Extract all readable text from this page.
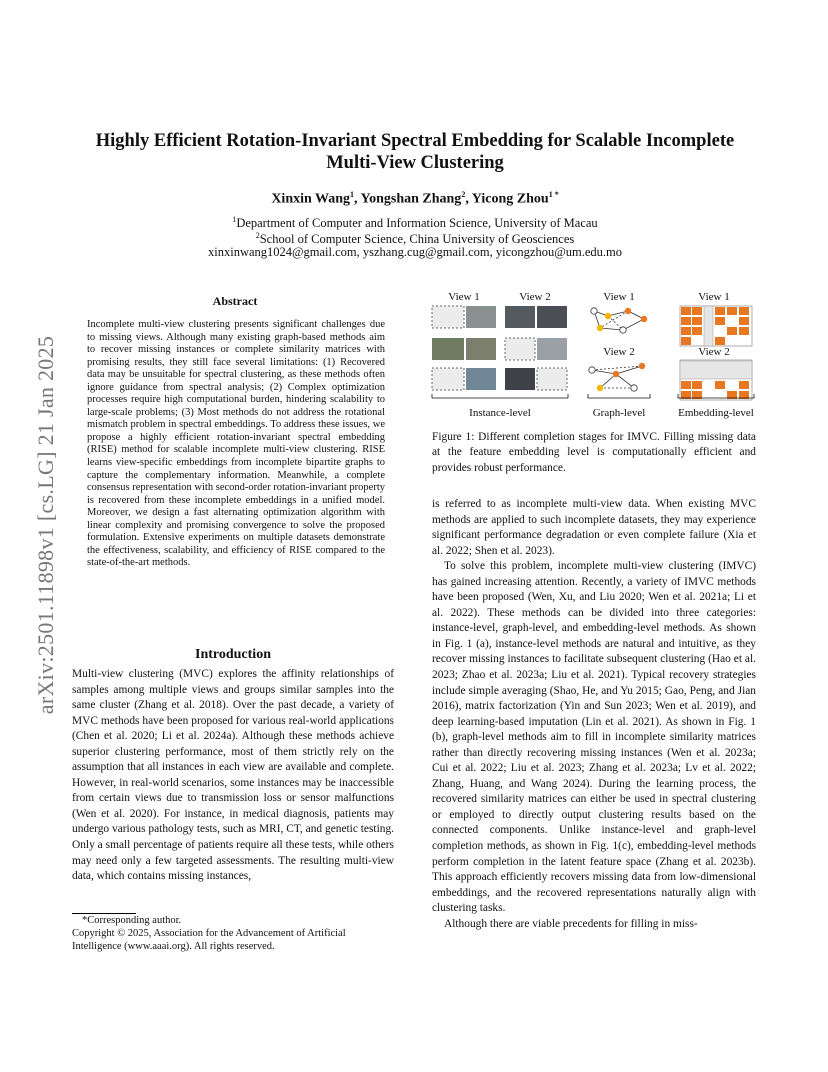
arXiv:2501.11898v1 [cs.LG] 21 Jan 2025
Highly Efficient Rotation-Invariant Spectral Embedding for Scalable Incomplete Multi-View Clustering
Xinxin Wang$^1$, Yongshan Zhang$^2$, Yicong Zhou$^{1 *}$
$^1$Department of Computer and Information Science, University of Macau
$^2$School of Computer Science, China University of Geosciences
xinxinwang1024@gmail.com, yszhang.cug@gmail.com, yicongzhou@um.edu.mo
Abstract
Incomplete multi-view clustering presents significant challenges due to missing views. Although many existing graph-based methods aim to recover missing instances or complete similarity matrices with promising results, they still face several limitations: (1) Recovered data may be unsuitable for spectral clustering, as these methods often ignore guidance from spectral analysis; (2) Complex optimization processes require high computational burden, hindering scalability to large-scale problems; (3) Most methods do not address the rotational mismatch problem in spectral embeddings. To address these issues, we propose a highly efficient rotation-invariant spectral embedding (RISE) method for scalable incomplete multi-view clustering. RISE learns view-specific embeddings from incomplete bipartite graphs to capture the complementary information. Meanwhile, a complete consensus representation with second-order rotation-invariant property is recovered from these incomplete embeddings in a unified model. Moreover, we design a fast alternating optimization algorithm with linear complexity and promising convergence to solve the proposed formulation. Extensive experiments on multiple datasets demonstrate the effectiveness, scalability, and efficiency of RISE compared to the state-of-the-art methods.
Introduction
Multi-view clustering (MVC) explores the affinity relationships of samples among multiple views and groups similar samples into the same cluster (Zhang et al. 2018). Over the past decade, a variety of MVC methods have been proposed for various real-world applications (Chen et al. 2020; Li et al. 2024a). Although these methods achieve superior clustering performance, most of them strictly rely on the assumption that all instances in each view are available and complete. However, in real-world scenarios, some instances may be inaccessible from certain views due to transmission loss or sensor malfunctions (Wen et al. 2020). For instance, in medical diagnosis, patients may undergo various pathology tests, such as MRI, CT, and genetic testing. Only a small percentage of patients require all these tests, while others may need only a few targeted assessments. The resulting multi-view data, which contains missing instances,
*Corresponding author.
Copyright © 2025, Association for the Advancement of Artificial Intelligence (www.aaai.org). All rights reserved.
View 1	View 2	View 1
View 2
View 1
View 2
Instance-level	Graph-level	Embedding-level
Figure 1: Different completion stages for IMVC. Filling missing data at the feature embedding level is computationally efficient and provides robust performance.

is referred to as incomplete multi-view data. When existing MVC methods are applied to such incomplete datasets, they may experience significant performance degradation or even complete failure (Xia et al. 2022; Shen et al. 2023).

To solve this problem, incomplete multi-view clustering (IMVC) has gained increasing attention. Recently, a variety of IMVC methods have been proposed (Wen, Xu, and Liu 2020; Wen et al. 2021a; Li et al. 2022). These methods can be divided into three categories: instance-level, graph-level, and embedding-level methods. As shown in Fig. 1 (a), instance-level methods are natural and intuitive, as they recover missing instances to facilitate subsequent clustering (Hao et al. 2023; Zhao et al. 2023a; Liu et al. 2021). Typical recovery strategies include simple averaging (Shao, He, and Yu 2015; Gao, Peng, and Jian 2016), matrix factorization (Yin and Sun 2023; Wen et al. 2019), and deep learning-based imputation (Lin et al. 2021). As shown in Fig. 1 (b), graph-level methods aim to fill in incomplete similarity matrices rather than directly recovering missing instances (Wen et al. 2023a; Cui et al. 2022; Liu et al. 2023; Zhang et al. 2023a; Lv et al. 2022; Zhang, Huang, and Wang 2024). During the learning process, the recovered similarity matrices can either be used in spectral clustering or employed to directly output clustering results based on the connected components. Unlike instance-level and graph-level completion methods, as shown in Fig. 1(c), embedding-level methods perform completion in the latent feature space (Zhang et al. 2023b). This approach efficiently recovers missing data from low-dimensional embeddings, and the recovered representations naturally align with clustering tasks.

Although there are viable precedents for filling in miss-
